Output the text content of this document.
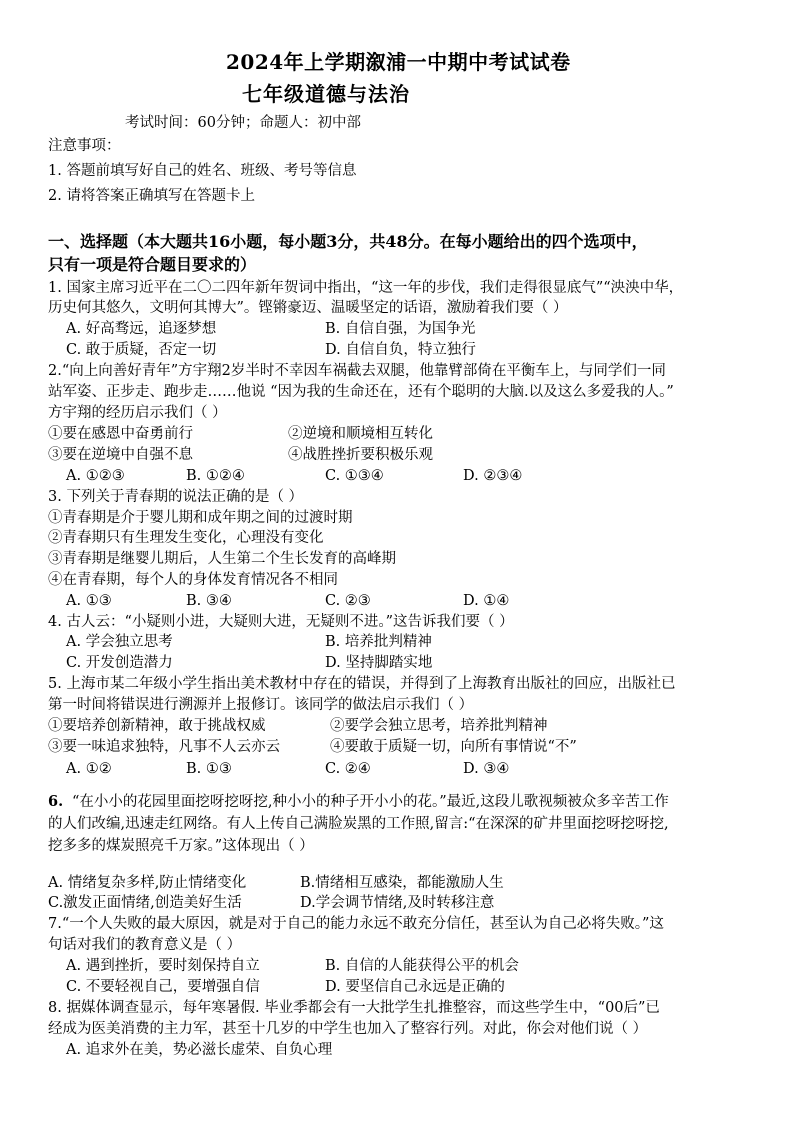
2024年上学期溆浦一中期中考试试卷
七年级道德与法治
考试时间：60分钟；命题人：初中部
注意事项：
1. 答题前填写好自己的姓名、班级、考号等信息
2. 请将答案正确填写在答题卡上
一、选择题（本大题共16小题，每小题3分，共48分。在每小题给出的四个选项中，
只有一项是符合题目要求的）
1. 国家主席习近平在二〇二四年新年贺词中指出，“这一年的步伐，我们走得很显底气”“泱泱中华，
历史何其悠久，文明何其博大”。铿锵豪迈、温暖坚定的话语，激励着我们要（ ）
A. 好高骛远，追逐梦想	B. 自信自强，为国争光
C. 敢于质疑，否定一切	D. 自信自负，特立独行
2.“向上向善好青年”方宇翔2岁半时不幸因车祸截去双腿，他靠臂部倚在平衡车上，与同学们一同
站军姿、正步走、跑步走……他说 “因为我的生命还在，还有个聪明的大脑.以及这么多爱我的人。”
方宇翔的经历启示我们（ ）
①要在感恩中奋勇前行	②逆境和顺境相互转化
③要在逆境中自强不息	④战胜挫折要积极乐观
A. ①②③	B. ①②④	C. ①③④	D. ②③④
3. 下列关于青春期的说法正确的是（ ）
①青春期是介于婴儿期和成年期之间的过渡时期
②青春期只有生理发生变化，心理没有变化
③青春期是继婴儿期后，人生第二个生长发育的高峰期
④在青春期，每个人的身体发育情况各不相同
A. ①③	B. ③④	C. ②③	D. ①④
4. 古人云：“小疑则小进，大疑则大进，无疑则不进。”这告诉我们要（ ）
A. 学会独立思考	B. 培养批判精神
C. 开发创造潜力	D. 坚持脚踏实地
5. 上海市某二年级小学生指出美术教材中存在的错误，并得到了上海教育出版社的回应，出版社已
第一时间将错误进行溯源并上报修订。该同学的做法启示我们（ ）
①要培养创新精神，敢于挑战权威	②要学会独立思考，培养批判精神
③要一味追求独特，凡事不人云亦云	④要敢于质疑一切，向所有事情说“不”
A. ①②	B. ①③	C. ②④	D. ③④
6. “在小小的花园里面挖呀挖呀挖,种小小的种子开小小的花。”最近,这段儿歌视频被众多辛苦工作
的人们改编,迅速走红网络。有人上传自己满脸炭黑的工作照,留言:“在深深的矿井里面挖呀挖呀挖,
挖多多的煤炭照亮千万家。”这体现出（ ）
A. 情绪复杂多样,防止情绪变化	B.情绪相互感染，都能激励人生
C.激发正面情绪,创造美好生活	D.学会调节情绪,及时转移注意
7.“一个人失败的最大原因，就是对于自己的能力永远不敢充分信任，甚至认为自己必将失败。”这
句话对我们的教育意义是（ ）
A. 遇到挫折，要时刻保持自立	B. 自信的人能获得公平的机会
C. 不要轻视自己，要增强自信	D. 要坚信自己永远是正确的
8. 据媒体调查显示，每年寒暑假. 毕业季都会有一大批学生扎推整容，而这些学生中，“00后”已
经成为医美消费的主力军，甚至十几岁的中学生也加入了整容行列。对此，你会对他们说（ ）
A. 追求外在美，势必滋长虚荣、自负心理
